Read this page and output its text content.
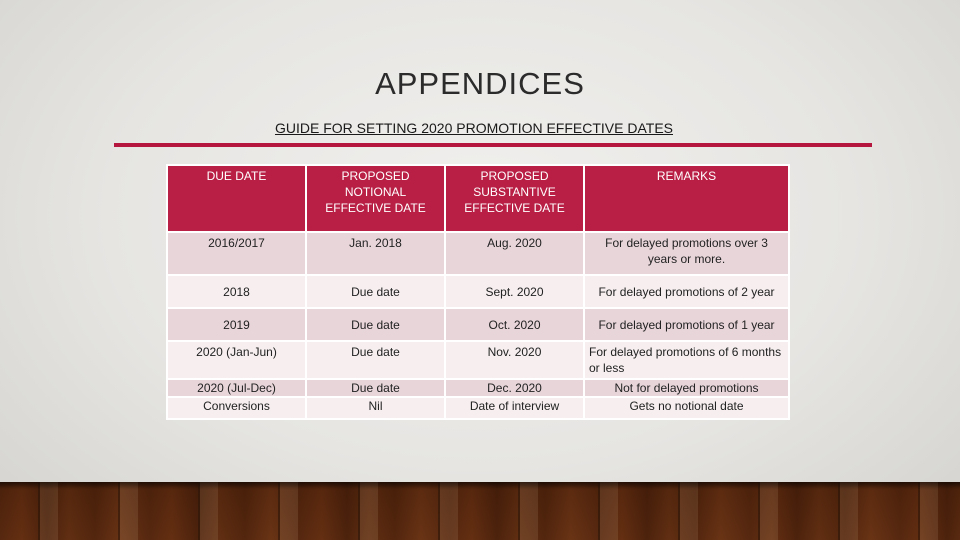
APPENDICES
GUIDE FOR SETTING 2020 PROMOTION EFFECTIVE DATES
DUE DATE	PROPOSED NOTIONAL EFFECTIVE DATE	PROPOSED SUBSTANTIVE EFFECTIVE DATE	REMARKS
2016/2017	Jan. 2018	Aug. 2020	For delayed promotions over 3 years or more.
2018	Due date	Sept. 2020	For delayed promotions of 2 year
2019	Due date	Oct. 2020	For delayed promotions of 1 year
2020 (Jan-Jun)	Due date	Nov. 2020	For delayed promotions of 6 months or less
2020 (Jul-Dec)	Due date	Dec. 2020	Not for delayed promotions
Conversions	Nil	Date of interview	Gets no notional date
